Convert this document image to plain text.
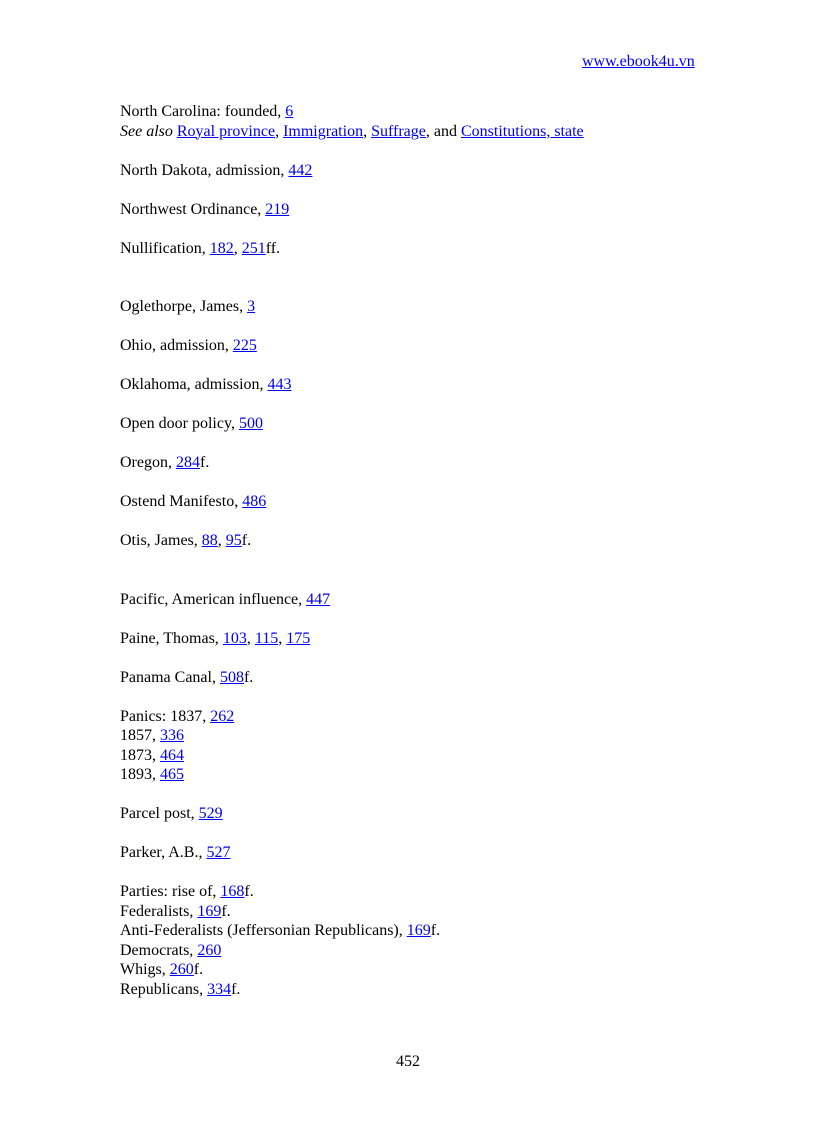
www.ebook4u.vn
North Carolina: founded, 6
See also Royal province, Immigration, Suffrage, and Constitutions, state
North Dakota, admission, 442
Northwest Ordinance, 219
Nullification, 182, 251ff.
Oglethorpe, James, 3
Ohio, admission, 225
Oklahoma, admission, 443
Open door policy, 500
Oregon, 284f.
Ostend Manifesto, 486
Otis, James, 88, 95f.
Pacific, American influence, 447
Paine, Thomas, 103, 115, 175
Panama Canal, 508f.
Panics: 1837, 262
1857, 336
1873, 464
1893, 465
Parcel post, 529
Parker, A.B., 527
Parties: rise of, 168f.
Federalists, 169f.
Anti-Federalists (Jeffersonian Republicans), 169f.
Democrats, 260
Whigs, 260f.
Republicans, 334f.
452
